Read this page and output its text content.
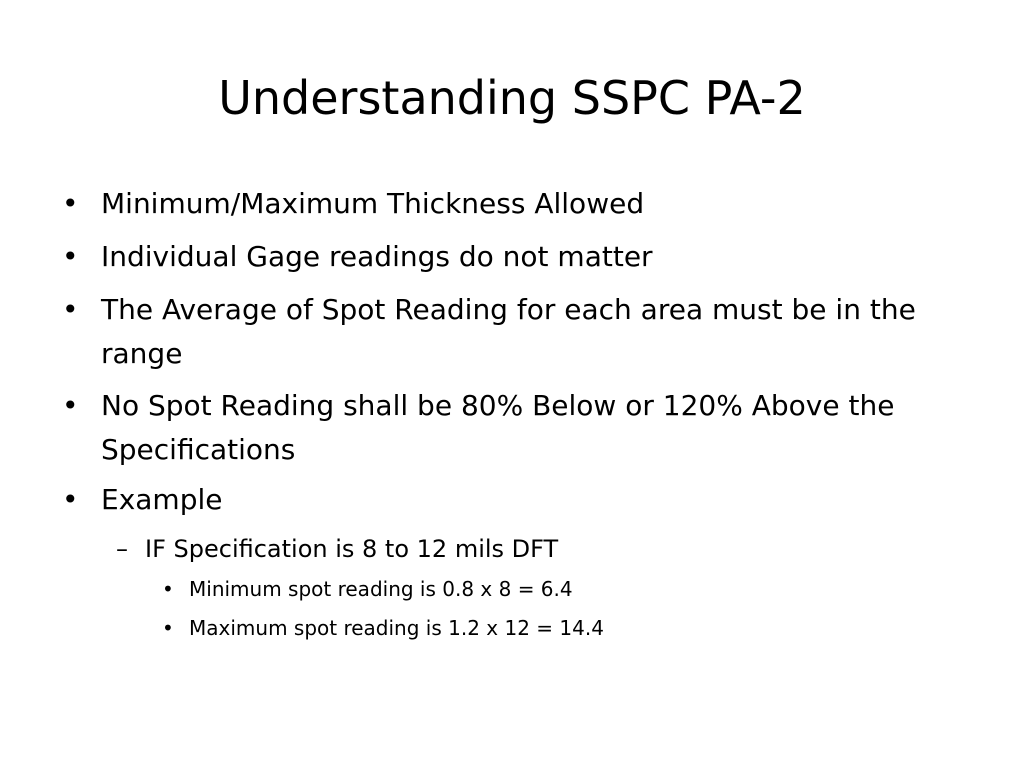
Understanding SSPC PA-2
• Minimum/Maximum Thickness Allowed
• Individual Gage readings do not matter
• The Average of Spot Reading for each area must be in the range
• No Spot Reading shall be 80% Below or 120% Above the Specifications
• Example
– IF Specification is 8 to 12 mils DFT
• Minimum spot reading is 0.8 x 8 = 6.4
• Maximum spot reading is 1.2 x 12 = 14.4
